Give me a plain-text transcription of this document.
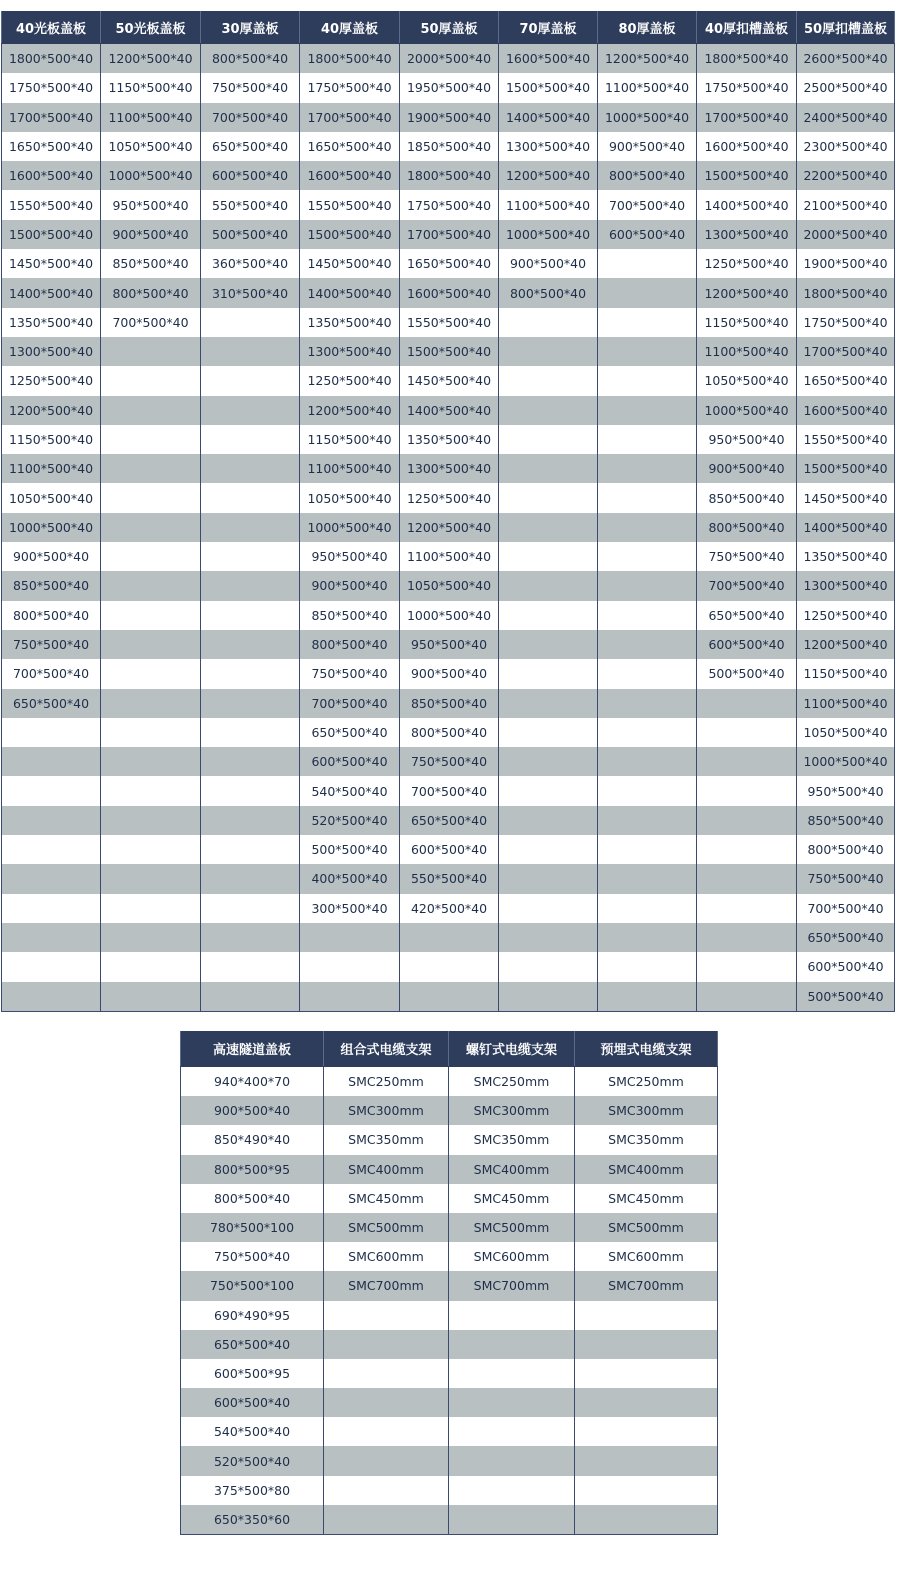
40光板盖板	50光板盖板	30厚盖板	40厚盖板	50厚盖板	70厚盖板	80厚盖板	40厚扣槽盖板	50厚扣槽盖板
1800*500*40	1200*500*40	800*500*40	1800*500*40	2000*500*40	1600*500*40	1200*500*40	1800*500*40	2600*500*40
1750*500*40	1150*500*40	750*500*40	1750*500*40	1950*500*40	1500*500*40	1100*500*40	1750*500*40	2500*500*40
1700*500*40	1100*500*40	700*500*40	1700*500*40	1900*500*40	1400*500*40	1000*500*40	1700*500*40	2400*500*40
1650*500*40	1050*500*40	650*500*40	1650*500*40	1850*500*40	1300*500*40	900*500*40	1600*500*40	2300*500*40
1600*500*40	1000*500*40	600*500*40	1600*500*40	1800*500*40	1200*500*40	800*500*40	1500*500*40	2200*500*40
1550*500*40	950*500*40	550*500*40	1550*500*40	1750*500*40	1100*500*40	700*500*40	1400*500*40	2100*500*40
1500*500*40	900*500*40	500*500*40	1500*500*40	1700*500*40	1000*500*40	600*500*40	1300*500*40	2000*500*40
1450*500*40	850*500*40	360*500*40	1450*500*40	1650*500*40	900*500*40		1250*500*40	1900*500*40
1400*500*40	800*500*40	310*500*40	1400*500*40	1600*500*40	800*500*40		1200*500*40	1800*500*40
1350*500*40	700*500*40		1350*500*40	1550*500*40			1150*500*40	1750*500*40
1300*500*40			1300*500*40	1500*500*40			1100*500*40	1700*500*40
1250*500*40			1250*500*40	1450*500*40			1050*500*40	1650*500*40
1200*500*40			1200*500*40	1400*500*40			1000*500*40	1600*500*40
1150*500*40			1150*500*40	1350*500*40			950*500*40	1550*500*40
1100*500*40			1100*500*40	1300*500*40			900*500*40	1500*500*40
1050*500*40			1050*500*40	1250*500*40			850*500*40	1450*500*40
1000*500*40			1000*500*40	1200*500*40			800*500*40	1400*500*40
900*500*40			950*500*40	1100*500*40			750*500*40	1350*500*40
850*500*40			900*500*40	1050*500*40			700*500*40	1300*500*40
800*500*40			850*500*40	1000*500*40			650*500*40	1250*500*40
750*500*40			800*500*40	950*500*40			600*500*40	1200*500*40
700*500*40			750*500*40	900*500*40			500*500*40	1150*500*40
650*500*40			700*500*40	850*500*40				1100*500*40
			650*500*40	800*500*40				1050*500*40
			600*500*40	750*500*40				1000*500*40
			540*500*40	700*500*40				950*500*40
			520*500*40	650*500*40				850*500*40
			500*500*40	600*500*40				800*500*40
			400*500*40	550*500*40				750*500*40
			300*500*40	420*500*40				700*500*40
								650*500*40
								600*500*40
								500*500*40
高速隧道盖板	组合式电缆支架	螺钉式电缆支架	预埋式电缆支架
940*400*70	SMC250mm	SMC250mm	SMC250mm
900*500*40	SMC300mm	SMC300mm	SMC300mm
850*490*40	SMC350mm	SMC350mm	SMC350mm
800*500*95	SMC400mm	SMC400mm	SMC400mm
800*500*40	SMC450mm	SMC450mm	SMC450mm
780*500*100	SMC500mm	SMC500mm	SMC500mm
750*500*40	SMC600mm	SMC600mm	SMC600mm
750*500*100	SMC700mm	SMC700mm	SMC700mm
690*490*95			
650*500*40			
600*500*95			
600*500*40			
540*500*40			
520*500*40			
375*500*80			
650*350*60			
